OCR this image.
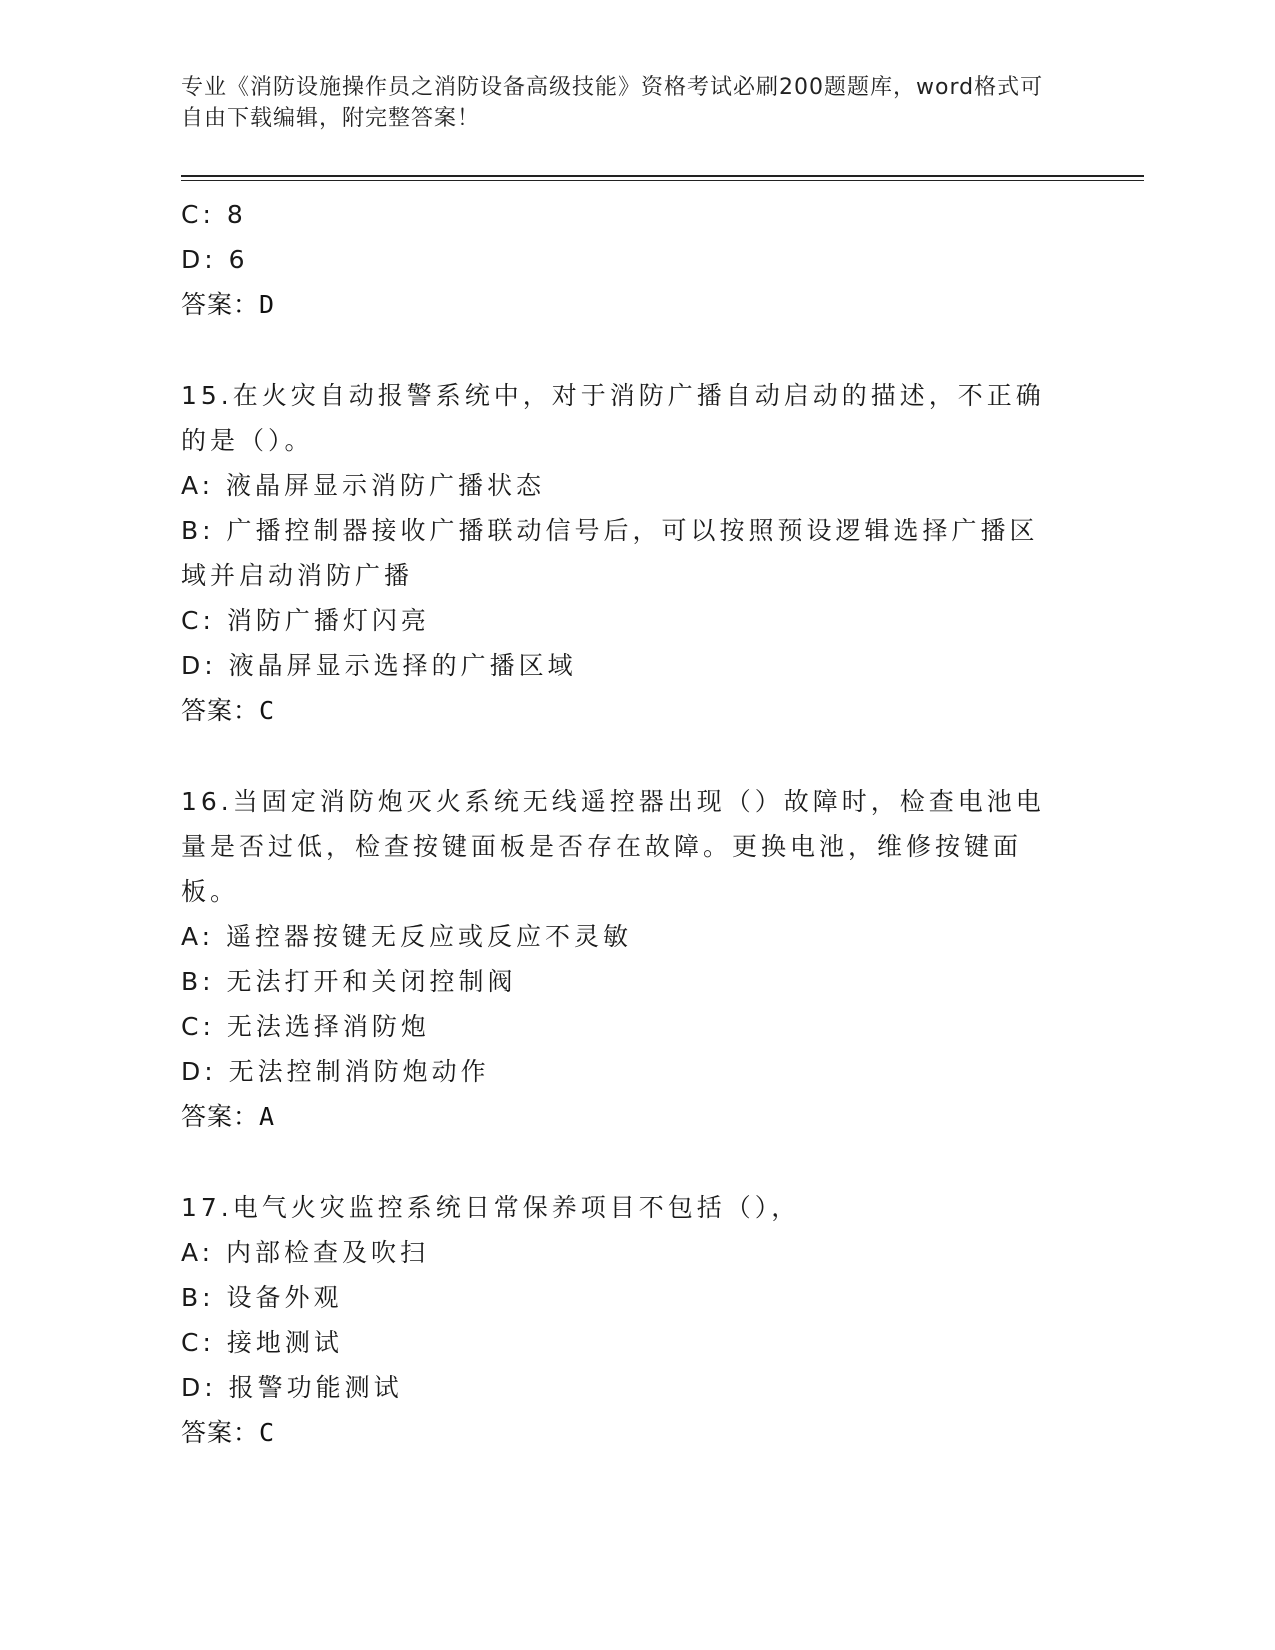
专业《消防设施操作员之消防设备高级技能》资格考试必刷200题题库，word格式可自由下载编辑，附完整答案！
C: 8
D: 6
答案：D
15.在火灾自动报警系统中，对于消防广播自动启动的描述，不正确的是（）。
A: 液晶屏显示消防广播状态
B: 广播控制器接收广播联动信号后，可以按照预设逻辑选择广播区域并启动消防广播
C: 消防广播灯闪亮
D: 液晶屏显示选择的广播区域
答案：C
16.当固定消防炮灭火系统无线遥控器出现（）故障时，检查电池电量是否过低，检查按键面板是否存在故障。更换电池，维修按键面板。
A: 遥控器按键无反应或反应不灵敏
B: 无法打开和关闭控制阀
C: 无法选择消防炮
D: 无法控制消防炮动作
答案：A
17.电气火灾监控系统日常保养项目不包括（），
A: 内部检查及吹扫
B: 设备外观
C: 接地测试
D: 报警功能测试
答案：C
